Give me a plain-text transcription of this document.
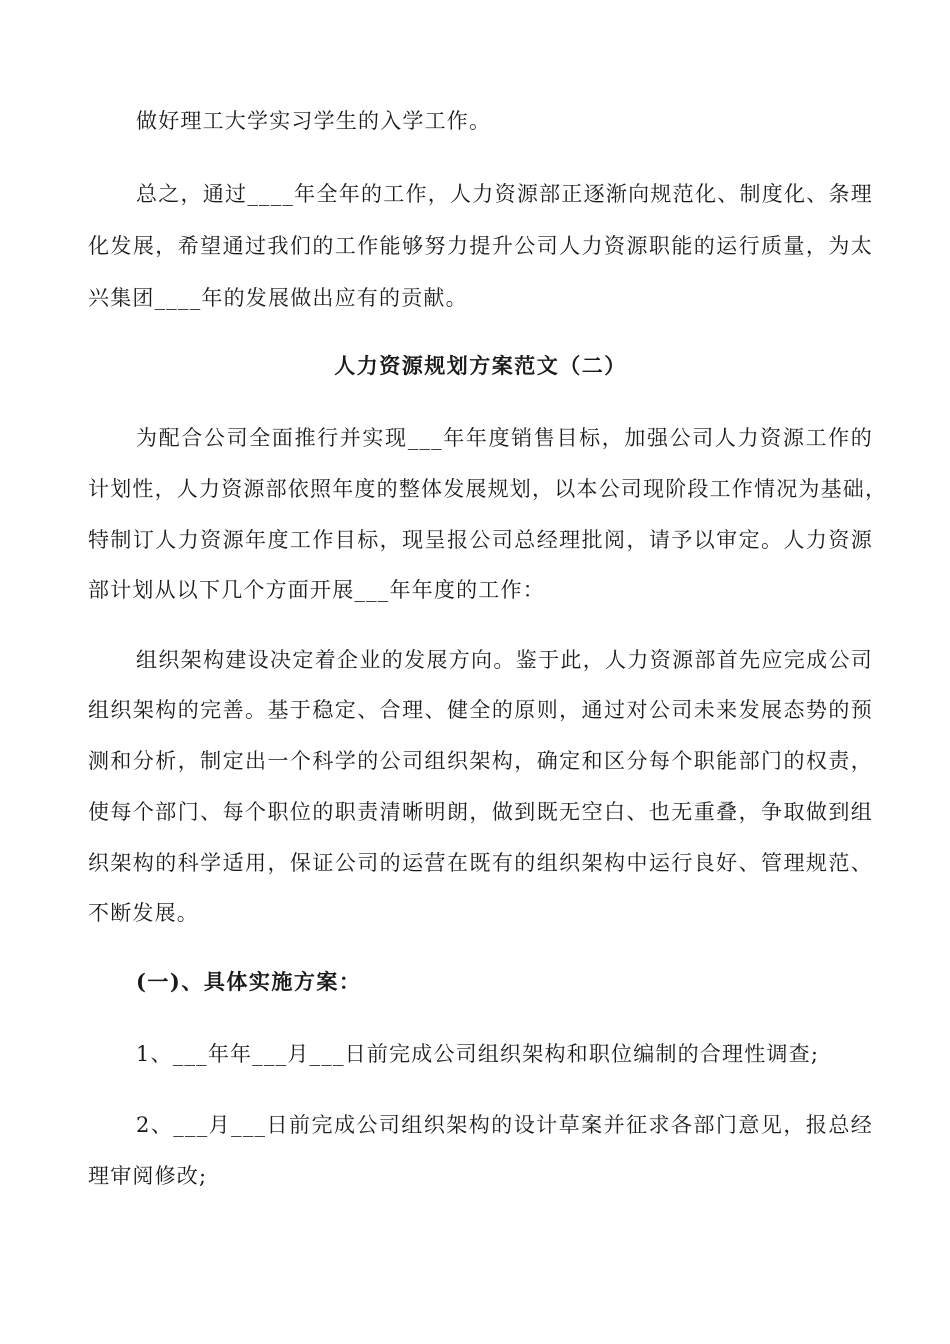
做好理工大学实习学生的入学工作。
总之，通过____年全年的工作，人力资源部正逐渐向规范化、制度化、条理
化发展，希望通过我们的工作能够努力提升公司人力资源职能的运行质量，为太
兴集团____年的发展做出应有的贡献。
人力资源规划方案范文（二）
为配合公司全面推行并实现___年年度销售目标，加强公司人力资源工作的
计划性，人力资源部依照年度的整体发展规划，以本公司现阶段工作情况为基础，
特制订人力资源年度工作目标，现呈报公司总经理批阅，请予以审定。人力资源
部计划从以下几个方面开展___年年度的工作：
组织架构建设决定着企业的发展方向。鉴于此，人力资源部首先应完成公司
组织架构的完善。基于稳定、合理、健全的原则，通过对公司未来发展态势的预
测和分析，制定出一个科学的公司组织架构，确定和区分每个职能部门的权责，
使每个部门、每个职位的职责清晰明朗，做到既无空白、也无重叠，争取做到组
织架构的科学适用，保证公司的运营在既有的组织架构中运行良好、管理规范、
不断发展。
(一)、具体实施方案：
1、___年年___月___日前完成公司组织架构和职位编制的合理性调查;
2、___月___日前完成公司组织架构的设计草案并征求各部门意见，报总经
理审阅修改;
